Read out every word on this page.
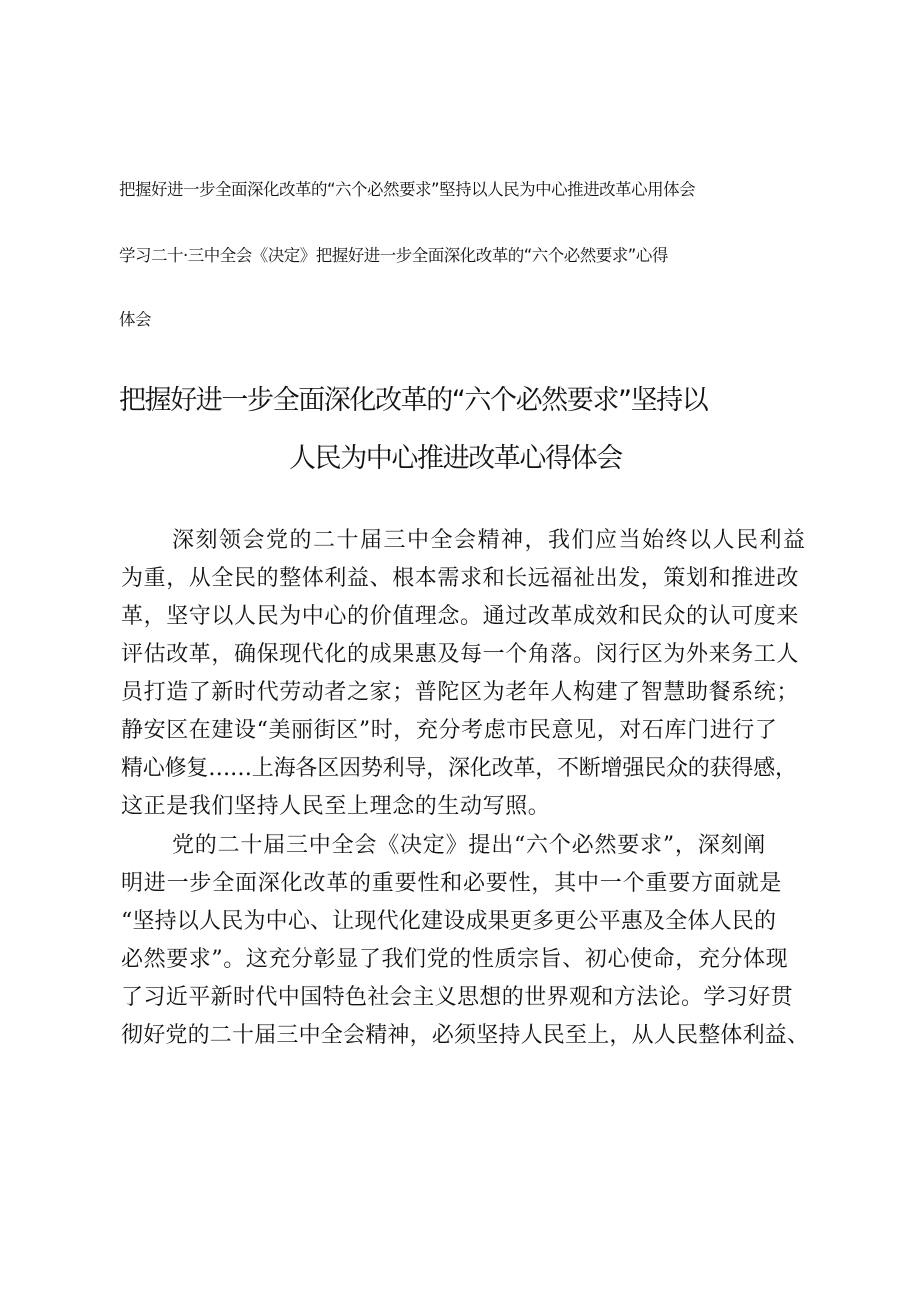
把握好进一步全面深化改革的“六个必然要求”堅持以人民为中心推进改革心用体会

学习二十·三中全会《决定》把握好进一步全面深化改革的“六个必然要求”心得

体会

把握好进一步全面深化改革的“六个必然要求”坚持以
人民为中心推进改革心得体会

深刻领会党的二十届三中全会精神，我们应当始终以人民利益

为重，从全民的整体利益、根本需求和长远福祉出发，策划和推进改

革，坚守以人民为中心的价值理念。通过改革成效和民众的认可度来

评估改革，确保现代化的成果惠及每一个角落。闵行区为外来务工人

员打造了新时代劳动者之家；普陀区为老年人构建了智慧助餐系统；

静安区在建设“美丽街区”时，充分考虑市民意见，对石库门进行了

精心修复……上海各区因势利导，深化改革，不断增强民众的获得感，

这正是我们坚持人民至上理念的生动写照。

党的二十届三中全会《决定》提出“六个必然要求”，深刻阐

明进一步全面深化改革的重要性和必要性，其中一个重要方面就是

“坚持以人民为中心、让现代化建设成果更多更公平惠及全体人民的

必然要求”。这充分彰显了我们党的性质宗旨、初心使命，充分体现

了习近平新时代中国特色社会主义思想的世界观和方法论。学习好贯

彻好党的二十届三中全会精神，必须坚持人民至上，从人民整体利益、
